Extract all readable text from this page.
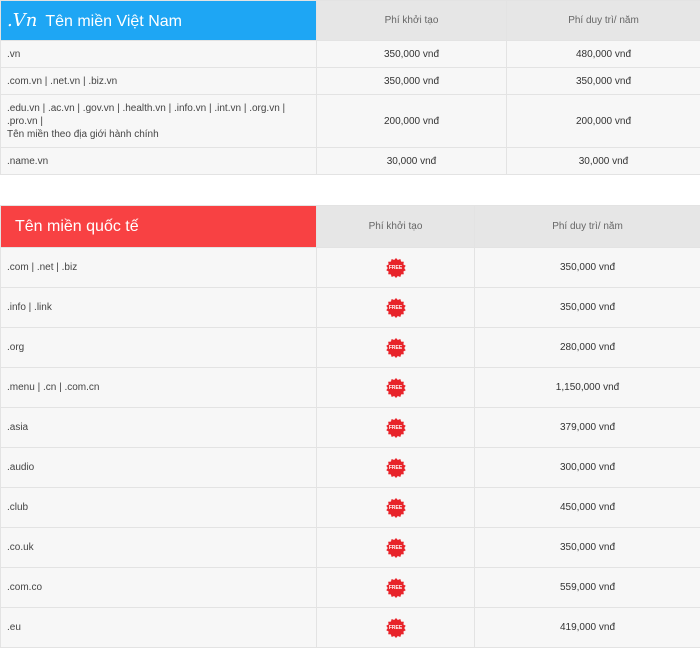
.Vn Tên miền Việt Nam	Phí khởi tạo	Phí duy trì/ năm
.vn	350,000 vnđ	480,000 vnđ
.com.vn | .net.vn | .biz.vn	350,000 vnđ	350,000 vnđ
.edu.vn | .ac.vn | .gov.vn | .health.vn | .info.vn | .int.vn | .org.vn | .pro.vn |
Tên miền theo địa giới hành chính	200,000 vnđ	200,000 vnđ
.name.vn	30,000 vnđ	30,000 vnđ
Tên miền quốc tế	Phí khởi tạo	Phí duy trì/ năm
.com | .net | .biz	FREE	350,000 vnđ
.info | .link	FREE	350,000 vnđ
.org	FREE	280,000 vnđ
.menu | .cn | .com.cn	FREE	1,150,000 vnđ
.asia	FREE	379,000 vnđ
.audio	FREE	300,000 vnđ
.club	FREE	450,000 vnđ
.co.uk	FREE	350,000 vnđ
.com.co	FREE	559,000 vnđ
.eu	FREE	419,000 vnđ
